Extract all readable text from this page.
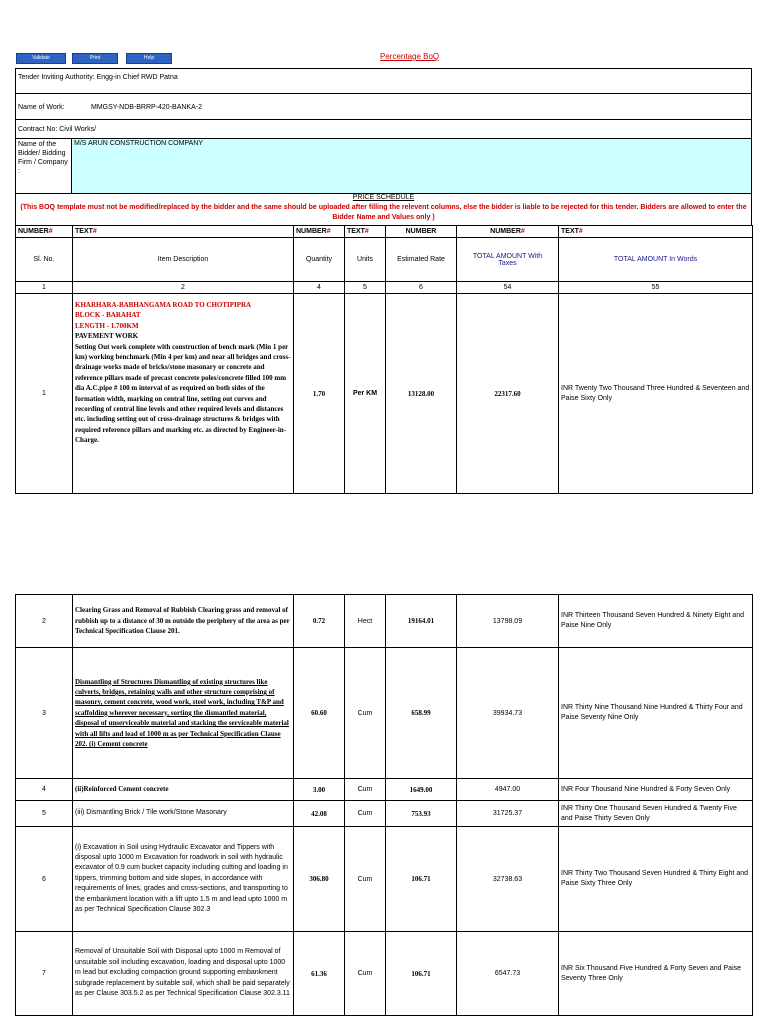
Validate	Print	Help	Percentage BoQ
Tender Inviting Authority: Engg-in Chief RWD Patna
Name of Work:	MMGSY-NDB-BRRP-420-BANKA-2
Contract No: Civil Works/
Name of the Bidder/ Bidding Firm / Company :
M/S ARUN CONSTRUCTION COMPANY
PRICE SCHEDULE
(This BOQ template must not be modified/replaced by the bidder and the same should be uploaded after filling the relevent columns, else the bidder is liable to be rejected for this tender. Bidders are allowed to enter the Bidder Name and Values only )
NUMBER#	TEXT#	NUMBER#	TEXT#	NUMBER	NUMBER#	TEXT#
Sl. No.	Item Description	Quantity	Units	Estimated Rate	TOTAL AMOUNT With Taxes	TOTAL AMOUNT In Words
1	2	4	5	6	54	55
1	KHARHARA-BABHANGAMA ROAD TO CHOTIPIPRA
BLOCK - BARAHAT
LENGTH - 1.700KM
PAVEMENT WORK
Setting Out work complete with construction of bench mark (Min 1 per km) working benchmark (Min 4 per km) and near all bridges and cross-drainage works made of bricks/stone masonary or concrete and reference pillars made of precast concrete poles/concrete filled 100 mm dia A.C.pipe # 100 m interval of as required on both sides of the formation width, marking on central line, setting out curves and recording of central line levels and other required levels and distances etc. including setting out of cross-drainage structures & bridges with required reference pillars and marking etc. as directed by Engineer-in-Charge.	1.70	Per KM	13128.00	22317.60	INR Twenty Two Thousand Three Hundred & Seventeen and Paise Sixty Only
2	Clearing Grass and Removal of Rubbish Clearing grass and removal of rubbish up to a distance of 30 m outside the periphery of the area as per Technical Specification Clause 201.	0.72	Hect	19164.01	13798.09	INR Thirteen Thousand Seven Hundred & Ninety Eight and Paise Nine Only
3	Dismantling of Structures Dismantling of existing structures like culverts, bridges, retaining walls and other structure comprising of masonry, cement concrete, wood work, steel work, including T&P and scaffolding wherever necessary, sorting the dismantled material, disposal of unserviceable material and stacking the serviceable material with all lifts and lead of 1000 m as per Technical Specification Clause 202. (i) Cement concrete	60.60	Cum	658.99	39934.73	INR Thirty Nine Thousand Nine Hundred & Thirty Four and Paise Seventy Nine Only
4	(ii)Reinforced Cement concrete	3.00	Cum	1649.00	4947.00	INR Four Thousand Nine Hundred & Forty Seven Only
5	(iii) Dismantling Brick / Tile work/Stone Masonary	42.08	Cum	753.93	31725.37	INR Thirty One Thousand Seven Hundred & Twenty Five and Paise Thirty Seven Only
6	(i) Excavation in Soil using Hydraulic Excavator and Tippers with disposal upto 1000 m Excavation for roadwork in soil with hydraulic excavator of 0.9 cum bucket capacity including cutting and loading in tippers, trimming bottom and side slopes, in accordance with requirements of lines, grades and cross-sections, and transporting to the embankment location with a lift upto 1.5 m and lead upto 1000 m as per Technical Specification Clause 302.3	306.80	Cum	106.71	32738.63	INR Thirty Two Thousand Seven Hundred & Thirty Eight and Paise Sixty Three Only
7	Removal of Unsuitable Soil with Disposal upto 1000 m Removal of unsuitable soil including excavation, loading and disposal upto 1000 m lead but excluding compaction ground supporting embankment subgrade replacement by suitable soil, which shall be paid separately as per Clause 303.5.2 as per Technical Specification Clause 302.3.11	61.36	Cum	106.71	6547.73	INR Six Thousand Five Hundred & Forty Seven and Paise Seventy Three Only
